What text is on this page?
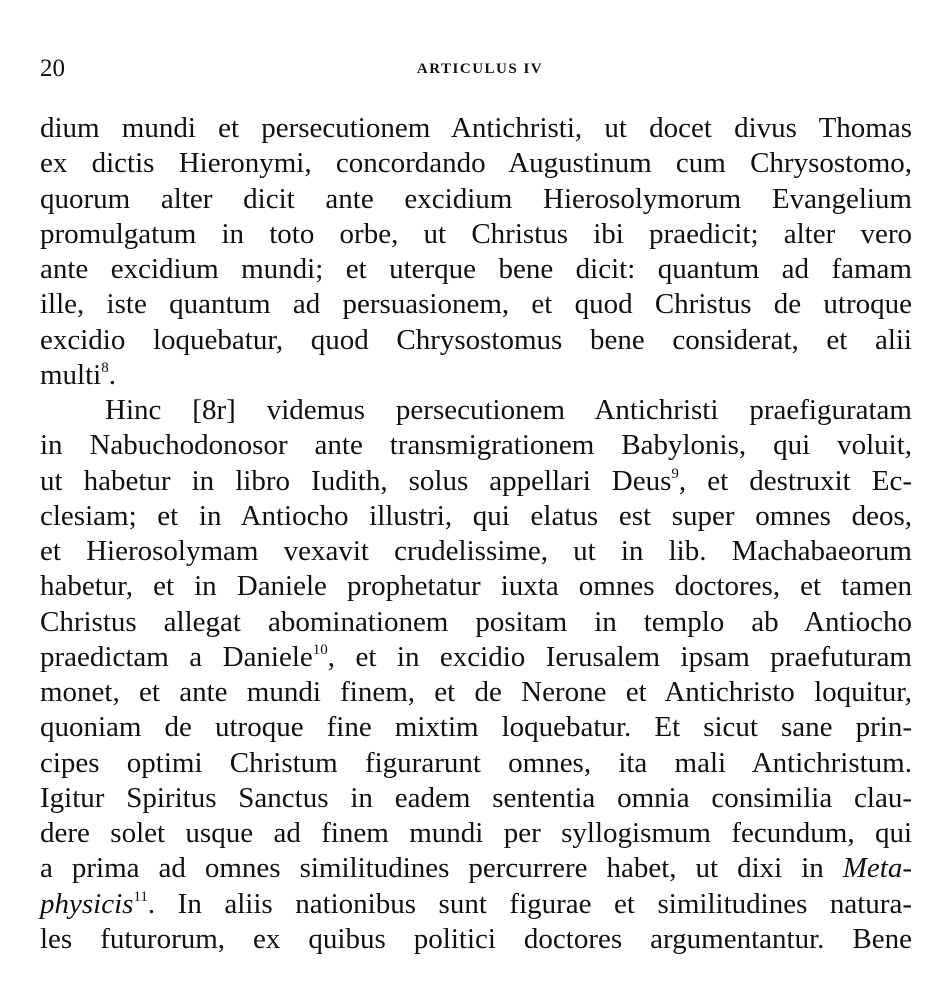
20	ARTICULUS IV
dium mundi et persecutionem Antichristi, ut docet divus Thomas
ex dictis Hieronymi, concordando Augustinum cum Chrysostomo,
quorum alter dicit ante excidium Hierosolymorum Evangelium
promulgatum in toto orbe, ut Christus ibi praedicit; alter vero
ante excidium mundi; et uterque bene dicit: quantum ad famam
ille, iste quantum ad persuasionem, et quod Christus de utroque
excidio loquebatur, quod Chrysostomus bene considerat, et alii
multi$^8$.
Hinc [8r] videmus persecutionem Antichristi praefiguratam
in Nabuchodonosor ante transmigrationem Babylonis, qui voluit,
ut habetur in libro Iudith, solus appellari Deus$^9$, et destruxit Ec-
clesiam; et in Antiocho illustri, qui elatus est super omnes deos,
et Hierosolymam vexavit crudelissime, ut in lib. Machabaeorum
habetur, et in Daniele prophetatur iuxta omnes doctores, et tamen
Christus allegat abominationem positam in templo ab Antiocho
praedictam a Daniele$^{10}$, et in excidio Ierusalem ipsam praefuturam
monet, et ante mundi finem, et de Nerone et Antichristo loquitur,
quoniam de utroque fine mixtim loquebatur. Et sicut sane prin-
cipes optimi Christum figurarunt omnes, ita mali Antichristum.
Igitur Spiritus Sanctus in eadem sententia omnia consimilia clau-
dere solet usque ad finem mundi per syllogismum fecundum, qui
a prima ad omnes similitudines percurrere habet, ut dixi in Meta-
physicis$^{11}$. In aliis nationibus sunt figurae et similitudines natura-
les futurorum, ex quibus politici doctores argumentantur. Bene
